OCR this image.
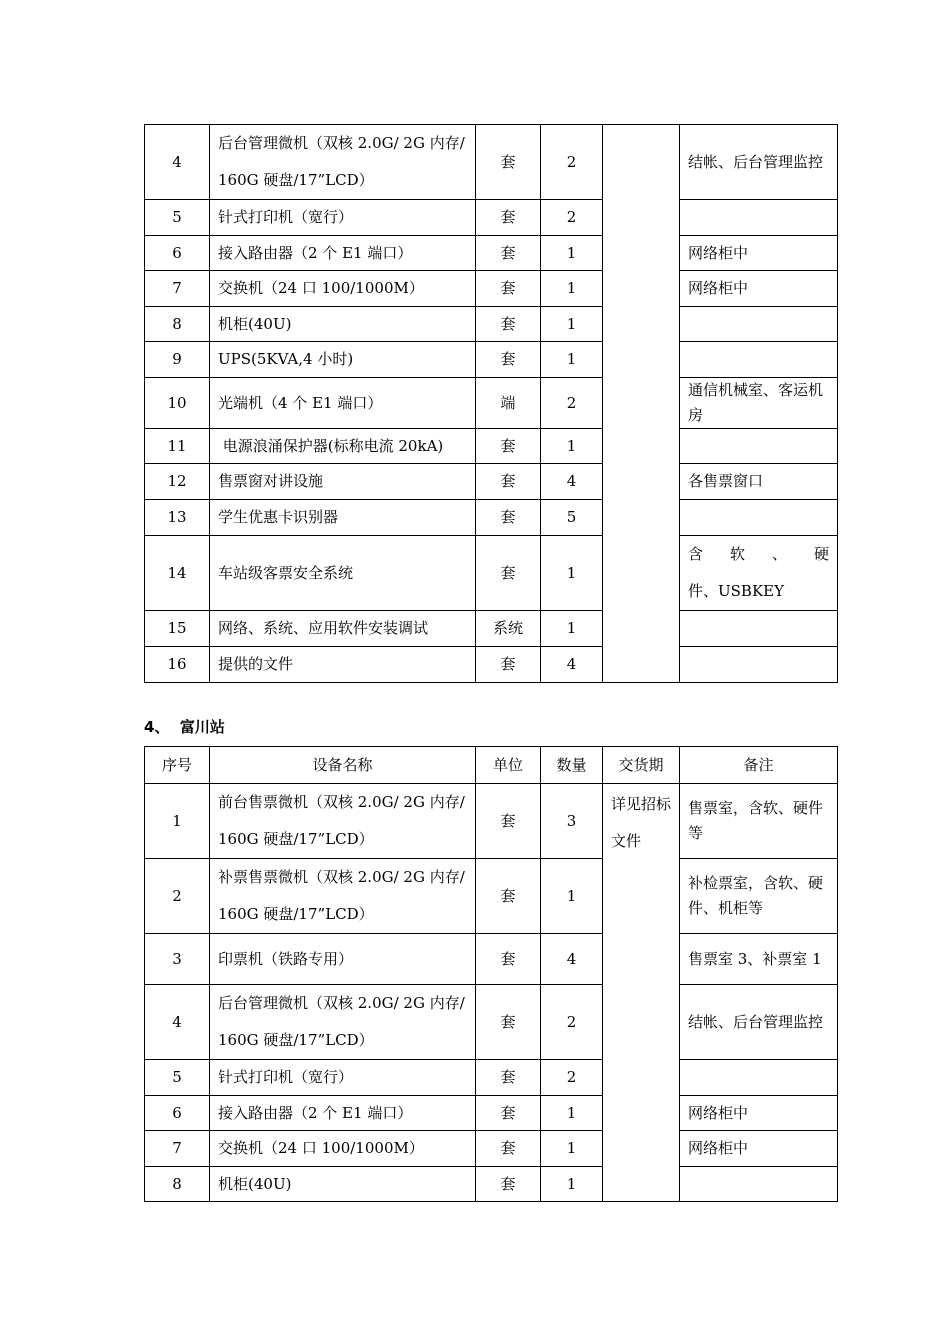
4	后台管理微机（双核 2.0G/ 2G 内存/ 160G 硬盘/17”LCD）	套	2		结帐、后台管理监控
5	针式打印机（宽行）	套	2		
6	接入路由器（2 个 E1 端口）	套	1		网络柜中
7	交换机（24 口 100/1000M）	套	1		网络柜中
8	机柜(40U)	套	1		
9	UPS(5KVA,4 小时)	套	1		
10	光端机（4 个 E1 端口）	端	2		通信机械室、客运机房
11	电源浪涌保护器(标称电流 20kA)	套	1		
12	售票窗对讲设施	套	4		各售票窗口
13	学生优惠卡识别器	套	5		
14	车站级客票安全系统	套	1		含 软 、 硬
件、USBKEY

15	网络、系统、应用软件安装调试	系统	1		
16	提供的文件	套	4		
4、  富川站
序号	设备名称	单位	数量	交货期	备注
1	前台售票微机（双核 2.0G/ 2G 内存/ 160G 硬盘/17”LCD）	套	3	详见招标文件	售票室，含软、硬件等
2	补票售票微机（双核 2.0G/ 2G 内存/ 160G 硬盘/17”LCD）	套	1		补检票室，含软、硬件、机柜等
3	印票机（铁路专用）	套	4		售票室 3、补票室 1
4	后台管理微机（双核 2.0G/ 2G 内存/ 160G 硬盘/17”LCD）	套	2		结帐、后台管理监控
5	针式打印机（宽行）	套	2		
6	接入路由器（2 个 E1 端口）	套	1		网络柜中
7	交换机（24 口 100/1000M）	套	1		网络柜中
8	机柜(40U)	套	1		
